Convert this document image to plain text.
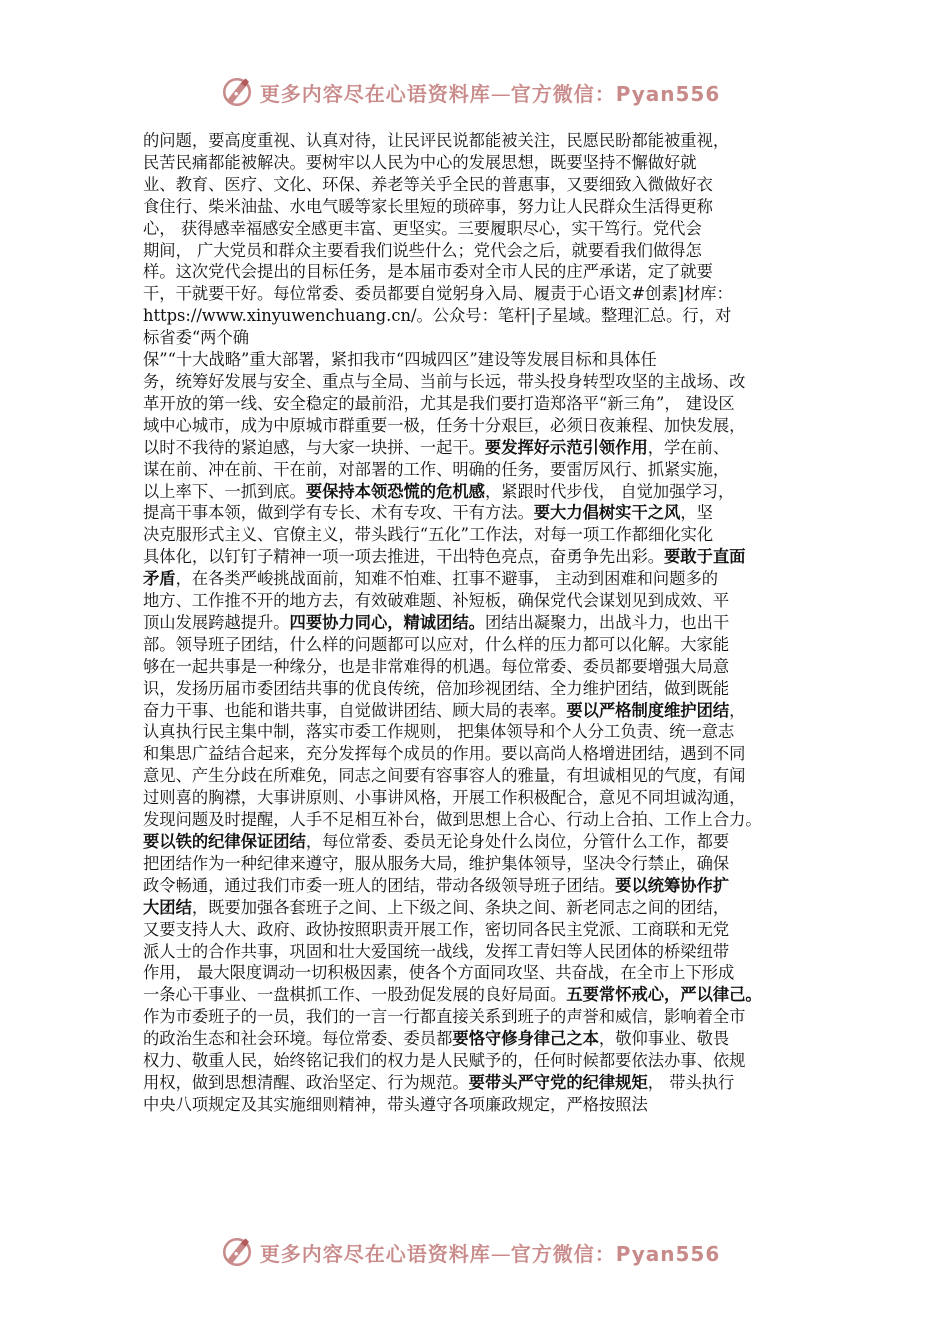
更多内容尽在心语资料库—官方微信：Pyan556

的问题，要高度重视、认真对待，让民评民说都能被关注，民愿民盼都能被重视，

民苦民痛都能被解决。要树牢以人民为中心的发展思想，既要坚持不懈做好就

业、教育、医疗、文化、环保、养老等关乎全民的普惠事，又要细致入微做好衣

食住行、柴米油盐、水电气暖等家长里短的琐碎事，努力让人民群众生活得更称

心， 获得感幸福感安全感更丰富、更坚实。三要履职尽心，实干笃行。党代会

期间， 广大党员和群众主要看我们说些什么；党代会之后，就要看我们做得怎

样。这次党代会提出的目标任务，是本届市委对全市人民的庄严承诺，定了就要

干，干就要干好。每位常委、委员都要自觉躬身入局、履责于心语文#创素]材库：

https://www.xinyuwenchuang.cn/。公众号：笔杆|子星域。整理汇总。行，对

标省委“两个确

保”“十大战略”重大部署，紧扣我市“四城四区”建设等发展目标和具体任

务，统筹好发展与安全、重点与全局、当前与长远，带头投身转型攻坚的主战场、改

革开放的第一线、安全稳定的最前沿，尤其是我们要打造郑洛平“新三角”， 建设区

域中心城市，成为中原城市群重要一极，任务十分艰巨，必须日夜兼程、加快发展，

以时不我待的紧迫感，与大家一块拼、一起干。要发挥好示范引领作用，学在前、

谋在前、冲在前、干在前，对部署的工作、明确的任务，要雷厉风行、抓紧实施，

以上率下、一抓到底。要保持本领恐慌的危机感，紧跟时代步伐， 自觉加强学习，

提高干事本领，做到学有专长、术有专攻、干有方法。要大力倡树实干之风，坚

决克服形式主义、官僚主义，带头践行“五化”工作法，对每一项工作都细化实化

具体化，以钉钉子精神一项一项去推进，干出特色亮点，奋勇争先出彩。要敢于直面

矛盾，在各类严峻挑战面前，知难不怕难、扛事不避事， 主动到困难和问题多的

地方、工作推不开的地方去，有效破难题、补短板，确保党代会谋划见到成效、平

顶山发展跨越提升。四要协力同心，精诚团结。团结出凝聚力，出战斗力，也出干

部。领导班子团结，什么样的问题都可以应对，什么样的压力都可以化解。大家能

够在一起共事是一种缘分，也是非常难得的机遇。每位常委、委员都要增强大局意

识，发扬历届市委团结共事的优良传统，倍加珍视团结、全力维护团结，做到既能

奋力干事、也能和谐共事，自觉做讲团结、顾大局的表率。要以严格制度维护团结，

认真执行民主集中制，落实市委工作规则， 把集体领导和个人分工负责、统一意志

和集思广益结合起来，充分发挥每个成员的作用。要以高尚人格增进团结，遇到不同

意见、产生分歧在所难免，同志之间要有容事容人的雅量，有坦诚相见的气度，有闻

过则喜的胸襟，大事讲原则、小事讲风格，开展工作积极配合，意见不同坦诚沟通，

发现问题及时提醒，人手不足相互补台，做到思想上合心、行动上合拍、工作上合力。

要以铁的纪律保证团结，每位常委、委员无论身处什么岗位，分管什么工作，都要

把团结作为一种纪律来遵守，服从服务大局，维护集体领导，坚决令行禁止，确保

政令畅通，通过我们市委一班人的团结，带动各级领导班子团结。要以统筹协作扩

大团结，既要加强各套班子之间、上下级之间、条块之间、新老同志之间的团结，

又要支持人大、政府、政协按照职责开展工作，密切同各民主党派、工商联和无党

派人士的合作共事，巩固和壮大爱国统一战线，发挥工青妇等人民团体的桥梁纽带

作用， 最大限度调动一切积极因素，使各个方面同攻坚、共奋战，在全市上下形成

一条心干事业、一盘棋抓工作、一股劲促发展的良好局面。五要常怀戒心，严以律己。

作为市委班子的一员，我们的一言一行都直接关系到班子的声誉和威信，影响着全市

的政治生态和社会环境。每位常委、委员都要恪守修身律己之本，敬仰事业、敬畏

权力、敬重人民，始终铭记我们的权力是人民赋予的，任何时候都要依法办事、依规

用权，做到思想清醒、政治坚定、行为规范。要带头严守党的纪律规矩， 带头执行

中央八项规定及其实施细则精神，带头遵守各项廉政规定，严格按照法

更多内容尽在心语资料库—官方微信：Pyan556
